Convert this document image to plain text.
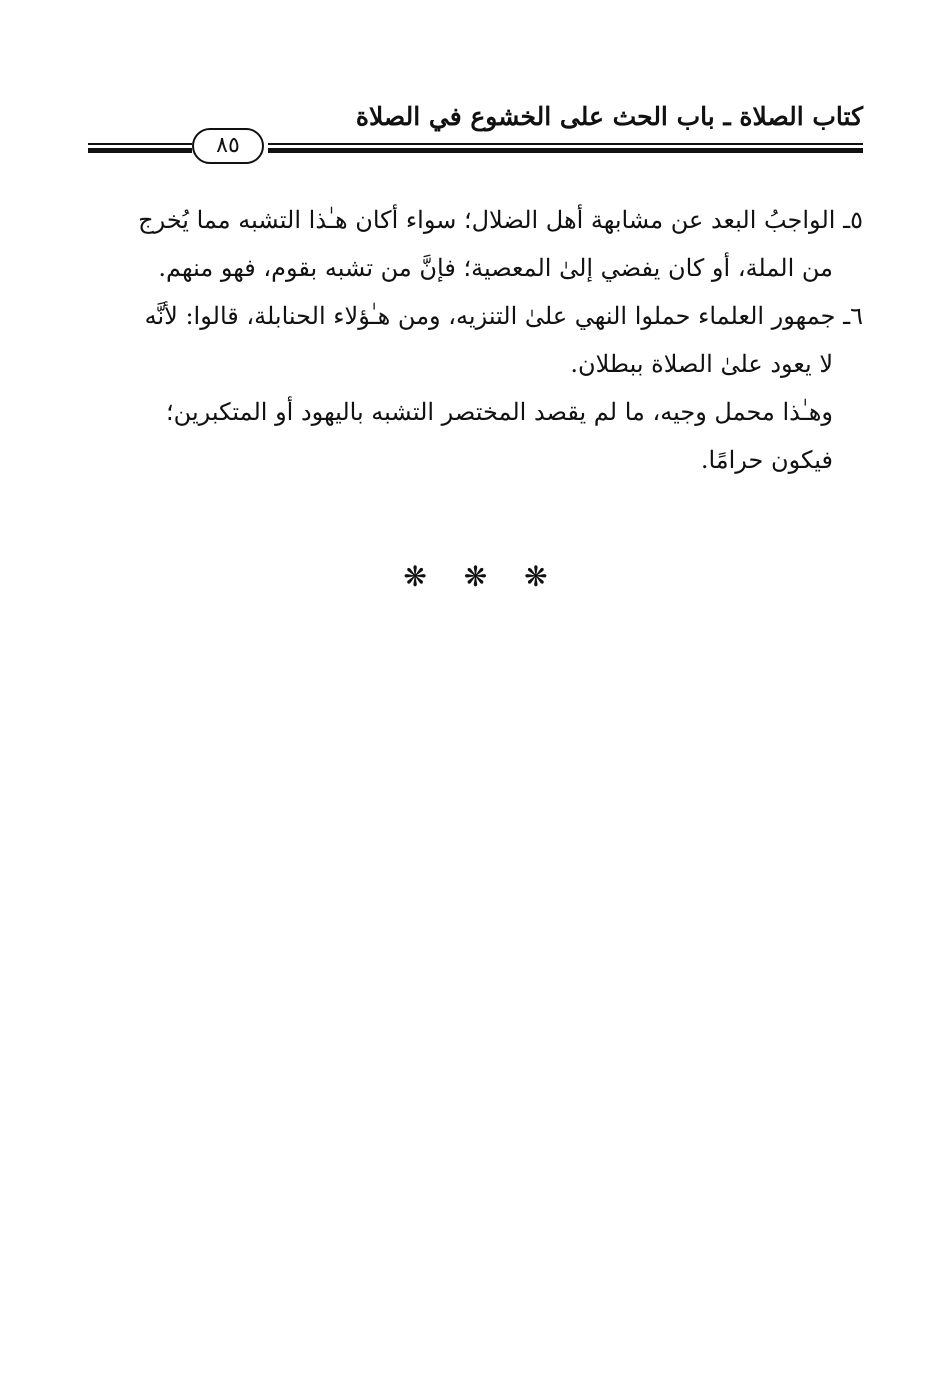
كتاب الصلاة ـ باب الحث على الخشوع في الصلاة
٨٥
٥ـ الواجبُ البعد عن مشابهة أهل الضلال؛ سواء أكان هـٰذا التشبه مما يُخرج
من الملة، أو كان يفضي إلىٰ المعصية؛ فإنَّ من تشبه بقوم، فهو منهم.
٦ـ جمهور العلماء حملوا النهي علىٰ التنزيه، ومن هـٰؤلاء الحنابلة، قالوا: لأنَّه
لا يعود علىٰ الصلاة ببطلان.
وهـٰذا محمل وجيه، ما لم يقصد المختصر التشبه باليهود أو المتكبرين؛
فيكون حرامًا.
❋ ❋ ❋
